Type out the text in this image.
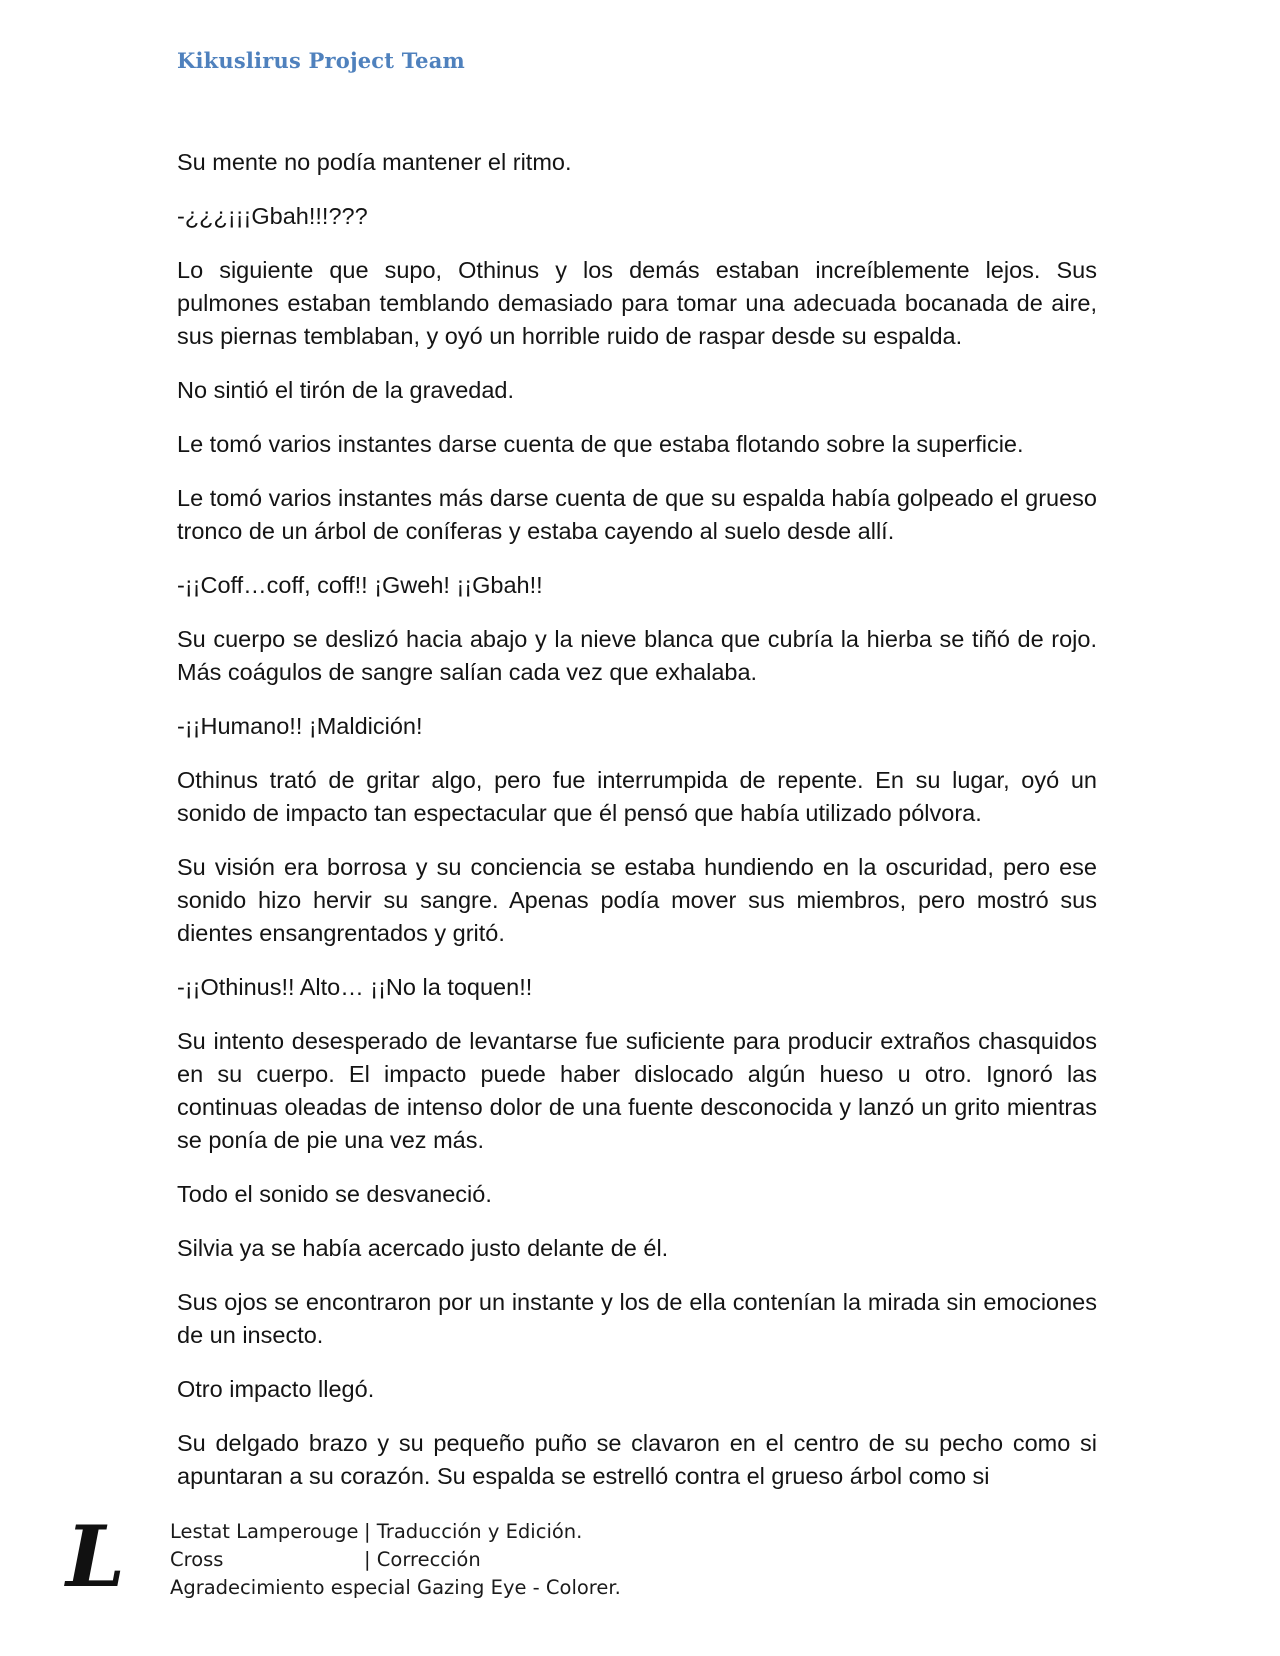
Kikuslirus Project Team

Su mente no podía mantener el ritmo.

-¿¿¿¡¡¡Gbah!!!???

Lo siguiente que supo, Othinus y los demás estaban increíblemente lejos. Sus pulmones estaban temblando demasiado para tomar una adecuada bocanada de aire, sus piernas temblaban, y oyó un horrible ruido de raspar desde su espalda.

No sintió el tirón de la gravedad.

Le tomó varios instantes darse cuenta de que estaba flotando sobre la superficie.

Le tomó varios instantes más darse cuenta de que su espalda había golpeado el grueso tronco de un árbol de coníferas y estaba cayendo al suelo desde allí.

-¡¡Coff…coff, coff!! ¡Gweh! ¡¡Gbah!!

Su cuerpo se deslizó hacia abajo y la nieve blanca que cubría la hierba se tiñó de rojo. Más coágulos de sangre salían cada vez que exhalaba.

-¡¡Humano!! ¡Maldición!

Othinus trató de gritar algo, pero fue interrumpida de repente. En su lugar, oyó un sonido de impacto tan espectacular que él pensó que había utilizado pólvora.

Su visión era borrosa y su conciencia se estaba hundiendo en la oscuridad, pero ese sonido hizo hervir su sangre. Apenas podía mover sus miembros, pero mostró sus dientes ensangrentados y gritó.

-¡¡Othinus!! Alto… ¡¡No la toquen!!

Su intento desesperado de levantarse fue suficiente para producir extraños chasquidos en su cuerpo. El impacto puede haber dislocado algún hueso u otro. Ignoró las continuas oleadas de intenso dolor de una fuente desconocida y lanzó un grito mientras se ponía de pie una vez más.

Todo el sonido se desvaneció.

Silvia ya se había acercado justo delante de él.

Sus ojos se encontraron por un instante y los de ella contenían la mirada sin emociones de un insecto.

Otro impacto llegó.

Su delgado brazo y su pequeño puño se clavaron en el centro de su pecho como si apuntaran a su corazón. Su espalda se estrelló contra el grueso árbol como si

L Lestat Lamperouge | Traducción y Edición.
Cross	| Corrección
Agradecimiento especial Gazing Eye - Colorer.
